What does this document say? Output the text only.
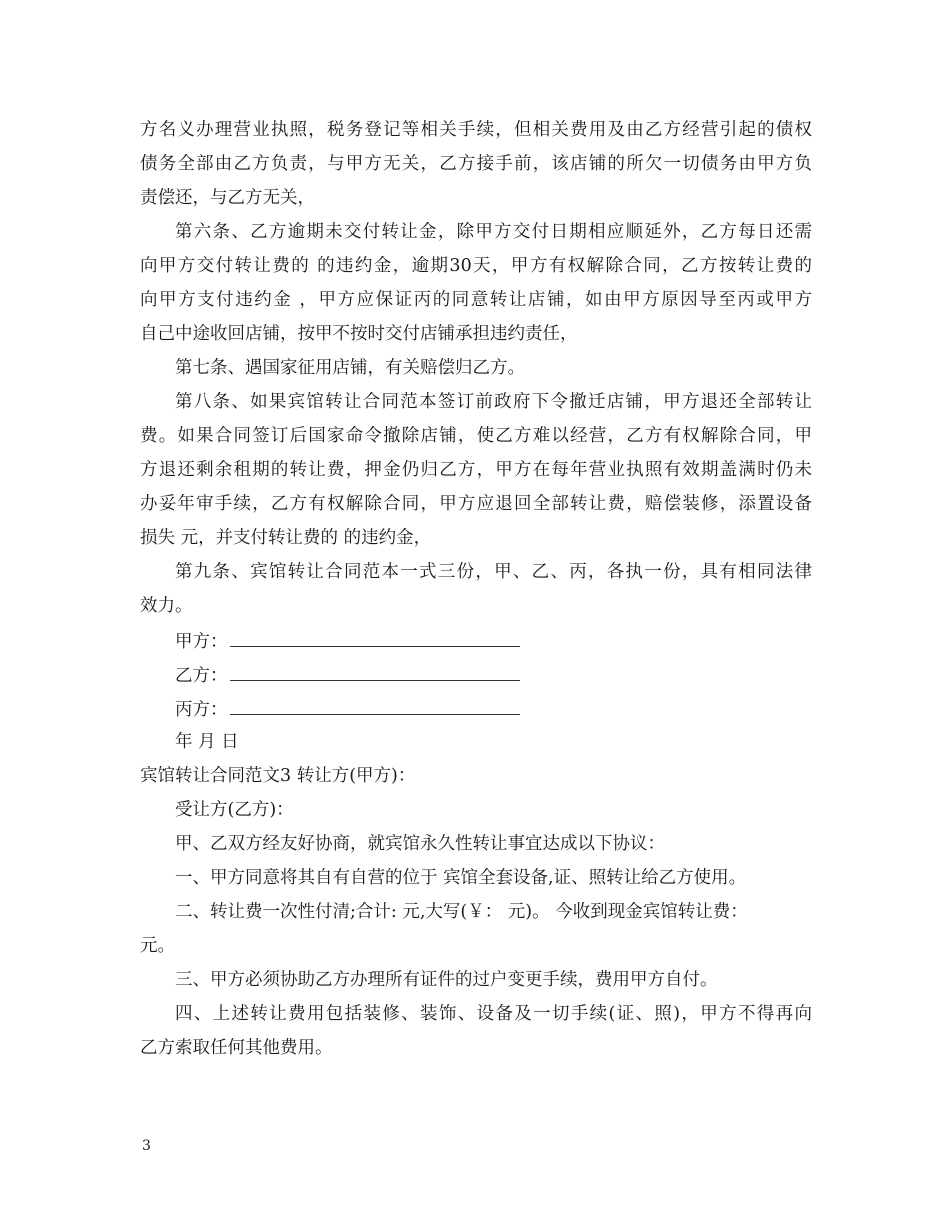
方名义办理营业执照，税务登记等相关手续，但相关费用及由乙方经营引起的债权
债务全部由乙方负责，与甲方无关，乙方接手前，该店铺的所欠一切债务由甲方负
责偿还，与乙方无关，
第六条、乙方逾期未交付转让金，除甲方交付日期相应顺延外，乙方每日还需
向甲方交付转让费的 的违约金，逾期30天，甲方有权解除合同，乙方按转让费的
向甲方支付违约金 ，甲方应保证丙的同意转让店铺，如由甲方原因导至丙或甲方
自己中途收回店铺，按甲不按时交付店铺承担违约责任，
第七条、遇国家征用店铺，有关赔偿归乙方。
第八条、如果宾馆转让合同范本签订前政府下令撤迁店铺，甲方退还全部转让
费。如果合同签订后国家命令撤除店铺，使乙方难以经营，乙方有权解除合同，甲
方退还剩余租期的转让费，押金仍归乙方，甲方在每年营业执照有效期盖满时仍未
办妥年审手续，乙方有权解除合同，甲方应退回全部转让费，赔偿装修，添置设备
损失 元，并支付转让费的 的违约金，
第九条、宾馆转让合同范本一式三份，甲、乙、丙，各执一份，具有相同法律
效力。
甲方：
乙方：
丙方：
年 月 日
宾馆转让合同范文3 转让方(甲方)：
受让方(乙方)：
甲、乙双方经友好协商，就宾馆永久性转让事宜达成以下协议：
一、甲方同意将其自有自营的位于 宾馆全套设备,证、照转让给乙方使用。
二、转让费一次性付清;合计: 元,大写(￥： 元)。 今收到现金宾馆转让费：
元。
三、甲方必须协助乙方办理所有证件的过户变更手续，费用甲方自付。
四、上述转让费用包括装修、装饰、设备及一切手续(证、照)，甲方不得再向
乙方索取任何其他费用。
3
